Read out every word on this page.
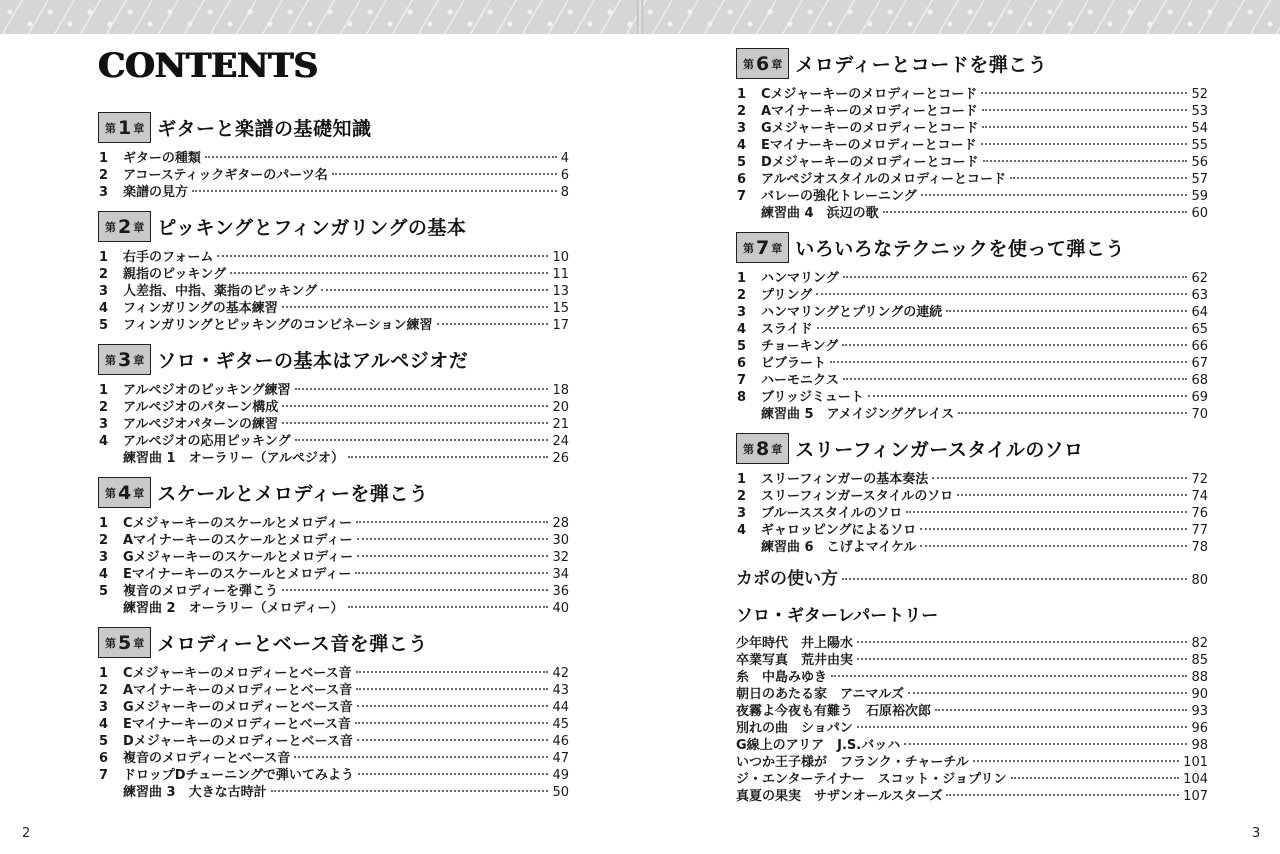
CONTENTS
第 1 章 ギターと楽譜の基礎知識
1	ギターの種類	4
2	アコースティックギターのパーツ名	6
3	楽譜の見方	8
第 2 章 ピッキングとフィンガリングの基本
1	右手のフォーム	10
2	親指のピッキング	11
3	人差指、中指、薬指のピッキング	13
4	フィンガリングの基本練習	15
5	フィンガリングとピッキングのコンビネーション練習	17
第 3 章 ソロ・ギターの基本はアルペジオだ
1	アルペジオのピッキング練習	18
2	アルペジオのパターン構成	20
3	アルペジオパターンの練習	21
4	アルペジオの応用ピッキング	24
練習曲 1　オーラリー（アルペジオ）	26
第 4 章 スケールとメロディーを弾こう
1	Cメジャーキーのスケールとメロディー	28
2	Aマイナーキーのスケールとメロディー	30
3	Gメジャーキーのスケールとメロディー	32
4	Eマイナーキーのスケールとメロディー	34
5	複音のメロディーを弾こう	36
練習曲 2　オーラリー（メロディー）	40
第 5 章 メロディーとベース音を弾こう
1	Cメジャーキーのメロディーとベース音	42
2	Aマイナーキーのメロディーとベース音	43
3	Gメジャーキーのメロディーとベース音	44
4	Eマイナーキーのメロディーとベース音	45
5	Dメジャーキーのメロディーとベース音	46
6	複音のメロディーとベース音	47
7	ドロップDチューニングで弾いてみよう	49
練習曲 3　大きな古時計	50
第 6 章 メロディーとコードを弾こう
1	Cメジャーキーのメロディーとコード	52
2	Aマイナーキーのメロディーとコード	53
3	Gメジャーキーのメロディーとコード	54
4	Eマイナーキーのメロディーとコード	55
5	Dメジャーキーのメロディーとコード	56
6	アルペジオスタイルのメロディーとコード	57
7	バレーの強化トレーニング	59
練習曲 4　浜辺の歌	60
第 7 章 いろいろなテクニックを使って弾こう
1	ハンマリング	62
2	プリング	63
3	ハンマリングとプリングの連続	64
4	スライド	65
5	チョーキング	66
6	ビブラート	67
7	ハーモニクス	68
8	ブリッジミュート	69
練習曲 5　アメイジンググレイス	70
第 8 章 スリーフィンガースタイルのソロ
1	スリーフィンガーの基本奏法	72
2	スリーフィンガースタイルのソロ	74
3	ブルーススタイルのソロ	76
4	ギャロッピングによるソロ	77
練習曲 6　こげよマイケル	78
カポの使い方	80
ソロ・ギターレパートリー
少年時代　井上陽水	82
卒業写真　荒井由実	85
糸　中島みゆき	88
朝日のあたる家　アニマルズ	90
夜霧よ今夜も有難う　石原裕次郎	93
別れの曲　ショパン	96
G線上のアリア　J.S.バッハ	98
いつか王子様が　フランク・チャーチル	101
ジ・エンターテイナー　スコット・ジョプリン	104
真夏の果実　サザンオールスターズ	107
2	3
